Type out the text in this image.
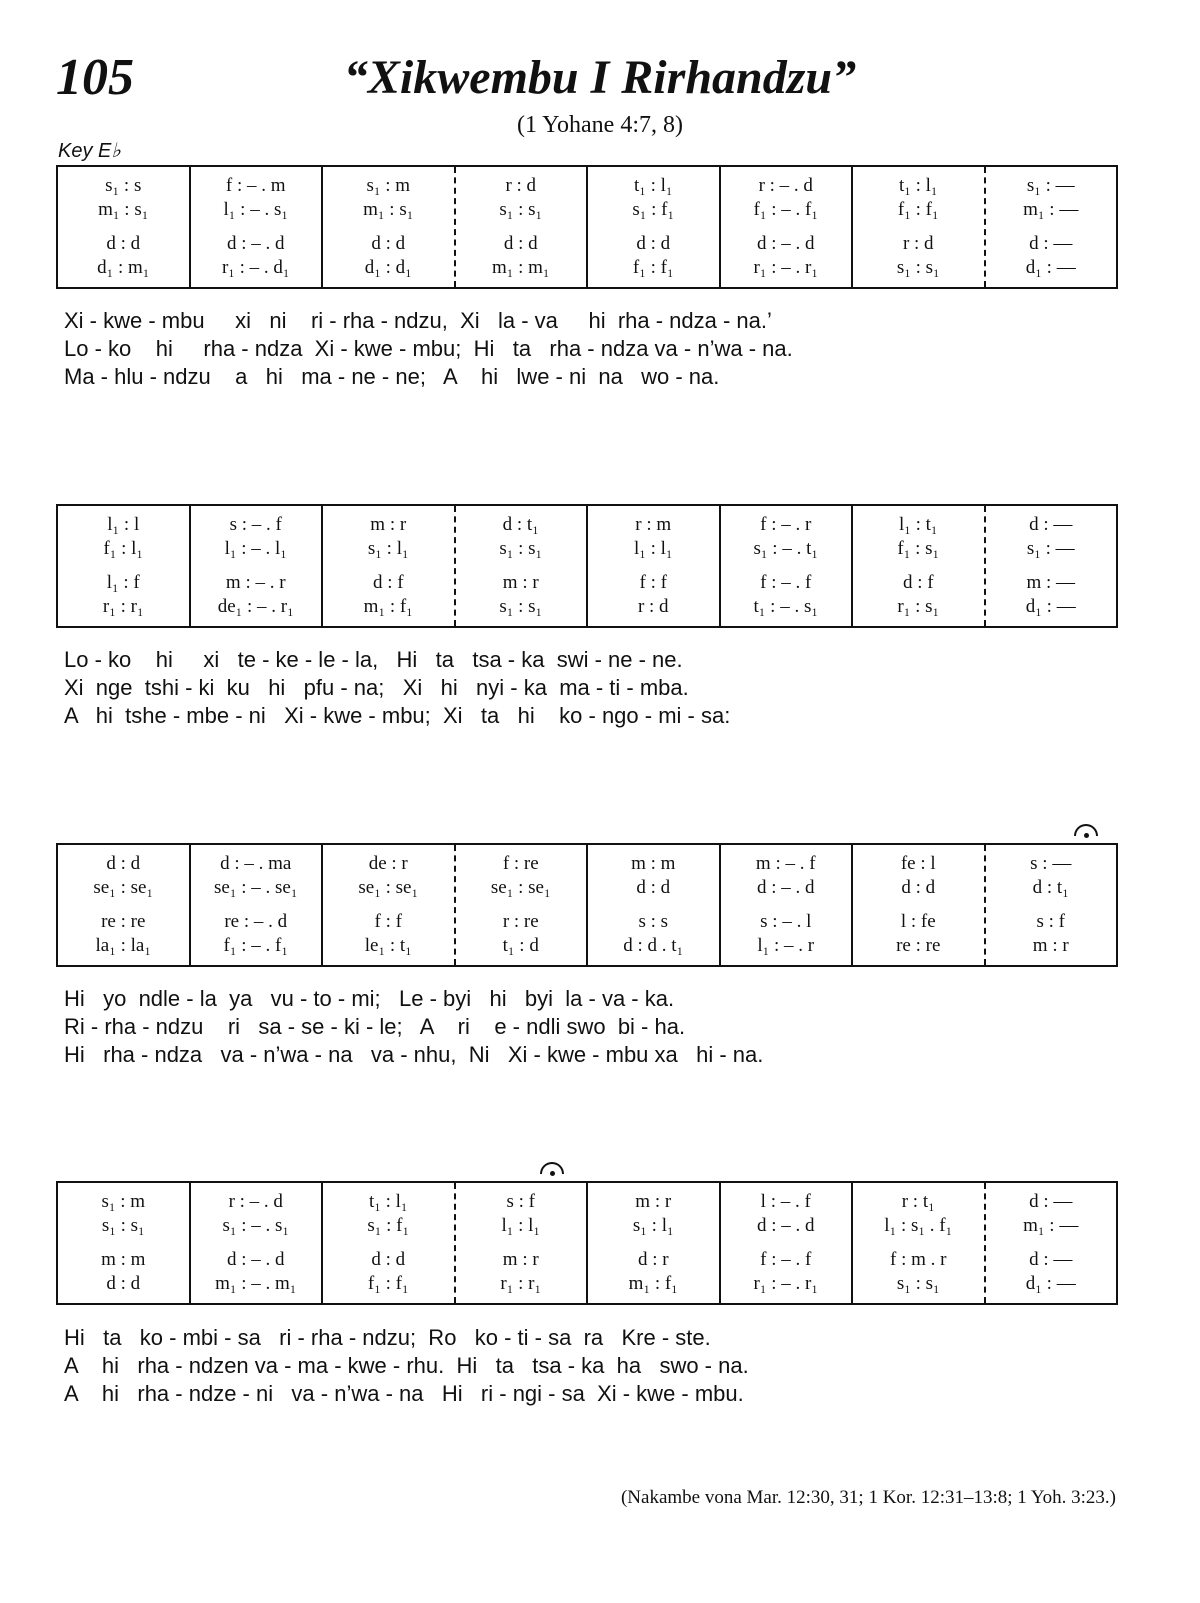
105	“Xikwembu I Rirhandzu”
(1 Yohane 4:7, 8)
Key E♭
s₁ : s
m₁ : s₁
d : d
d₁ : m₁
f : – . m
l₁ : – . s₁
d : – . d
r₁ : – . d₁
s₁ : m
m₁ : s₁
d : d
d₁ : d₁
r : d
s₁ : s₁
d : d
m₁ : m₁
t₁ : l₁
s₁ : f₁
d : d
f₁ : f₁
r : – . d
f₁ : – . f₁
d : – . d
r₁ : – . r₁
t₁ : l₁
f₁ : f₁
r : d
s₁ : s₁
s₁ : —
m₁ : —
d : —
d₁ : —
Xi - kwe - mbu     xi   ni    ri - rha - ndzu,  Xi   la - va     hi  rha - ndza - na.’
Lo - ko    hi     rha - ndza  Xi - kwe - mbu;  Hi   ta   rha - ndza va - n’wa - na.
Ma - hlu - ndzu    a   hi   ma - ne - ne;   A    hi   lwe - ni  na   wo - na.
l₁ : l
f₁ : l₁
l₁ : f
r₁ : r₁
s : – . f
l₁ : – . l₁
m : – . r
de₁ : – . r₁
m : r
s₁ : l₁
d : f
m₁ : f₁
d : t₁
s₁ : s₁
m : r
s₁ : s₁
r : m
l₁ : l₁
f : f
r : d
f : – . r
s₁ : – . t₁
f : – . f
t₁ : – . s₁
l₁ : t₁
f₁ : s₁
d : f
r₁ : s₁
d : —
s₁ : —
m : —
d₁ : —
Lo - ko    hi     xi   te - ke - le - la,   Hi   ta   tsa - ka  swi - ne - ne.
Xi  nge  tshi - ki  ku   hi   pfu - na;   Xi   hi   nyi - ka  ma - ti - mba.
A   hi  tshe - mbe - ni   Xi - kwe - mbu;  Xi   ta   hi    ko - ngo - mi - sa:
d : d
se₁ : se₁
re : re
la₁ : la₁
d : – . ma
se₁ : – . se₁
re : – . d
f₁ : – . f₁
de : r
se₁ : se₁
f : f
le₁ : t₁
f : re
se₁ : se₁
r : re
t₁ : d
m : m
d : d
s : s
d : d . t₁
m : – . f
d : – . d
s : – . l
l₁ : – . r
fe : l
d : d
l : fe
re : re
s : —
d : t₁
s : f
m : r
Hi   yo  ndle - la  ya   vu - to - mi;   Le - byi   hi   byi  la - va - ka.
Ri - rha - ndzu    ri   sa - se - ki - le;   A    ri    e - ndli swo  bi - ha.
Hi   rha - ndza   va - n’wa - na   va - nhu,  Ni   Xi - kwe - mbu xa   hi - na.
s₁ : m
s₁ : s₁
m : m
d : d
r : – . d
s₁ : – . s₁
d : – . d
m₁ : – . m₁
t₁ : l₁
s₁ : f₁
d : d
f₁ : f₁
s : f
l₁ : l₁
m : r
r₁ : r₁
m : r
s₁ : l₁
d : r
m₁ : f₁
l : – . f
d : – . d
f : – . f
r₁ : – . r₁
r : t₁
l₁ : s₁ . f₁
f : m . r
s₁ : s₁
d : —
m₁ : —
d : —
d₁ : —
Hi   ta   ko - mbi - sa   ri - rha - ndzu;  Ro   ko - ti - sa  ra   Kre - ste.
A    hi   rha - ndzen va - ma - kwe - rhu.  Hi   ta   tsa - ka  ha   swo - na.
A    hi   rha - ndze - ni   va - n’wa - na   Hi   ri - ngi - sa  Xi - kwe - mbu.
(Nakambe vona Mar. 12:30, 31; 1 Kor. 12:31–13:8; 1 Yoh. 3:23.)
